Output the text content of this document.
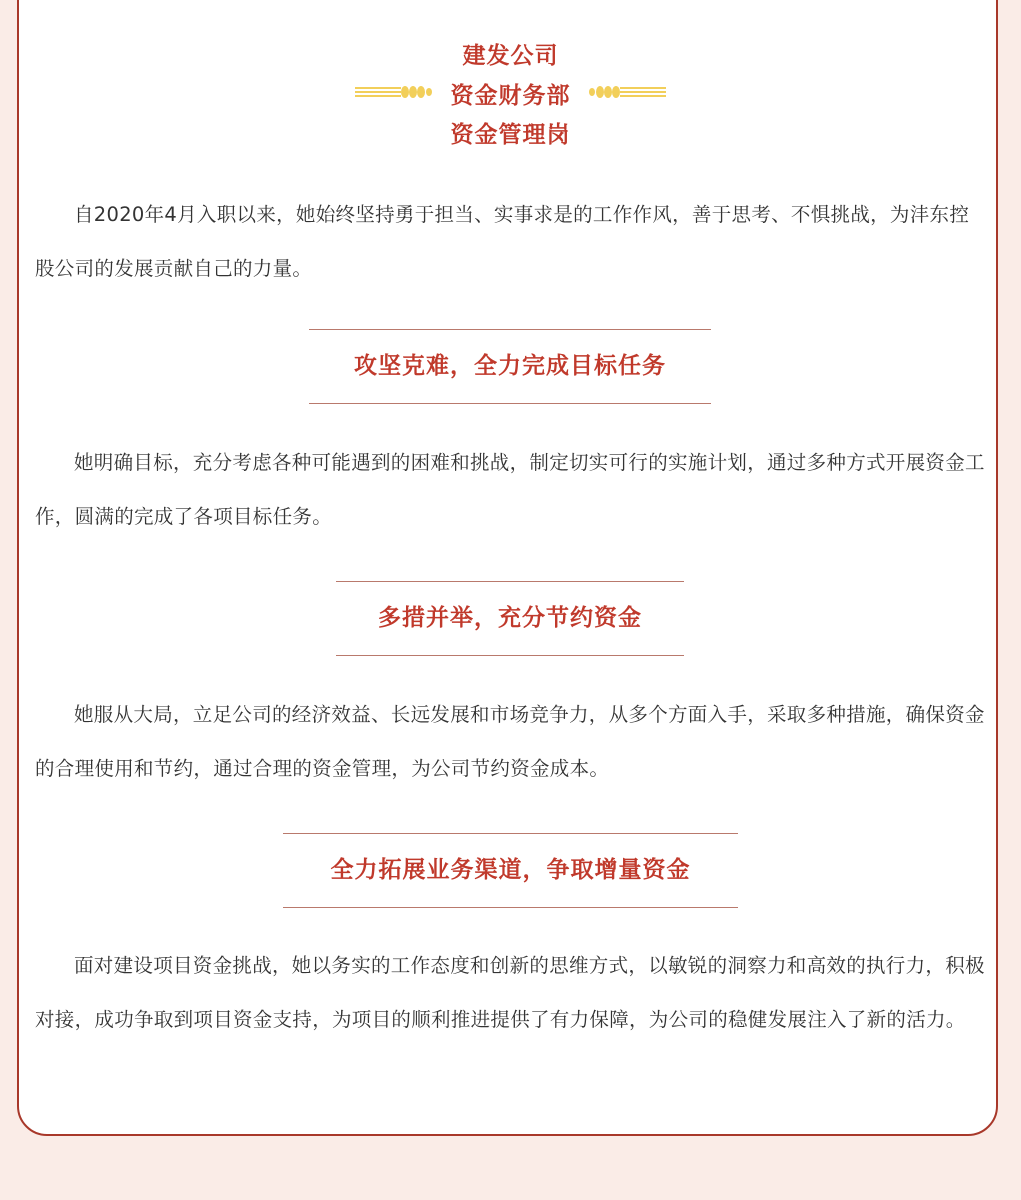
建发公司
资金财务部
资金管理岗

自2020年4月入职以来，她始终坚持勇于担当、实事求是的工作作风，善于思考、不惧挑战，为沣东控股公司的发展贡献自己的力量。

攻坚克难，全力完成目标任务

她明确目标，充分考虑各种可能遇到的困难和挑战，制定切实可行的实施计划，通过多种方式开展资金工作，圆满的完成了各项目标任务。

多措并举，充分节约资金

她服从大局，立足公司的经济效益、长远发展和市场竞争力，从多个方面入手，采取多种措施，确保资金的合理使用和节约，通过合理的资金管理，为公司节约资金成本。

全力拓展业务渠道，争取增量资金

面对建设项目资金挑战，她以务实的工作态度和创新的思维方式，以敏锐的洞察力和高效的执行力，积极对接，成功争取到项目资金支持，为项目的顺利推进提供了有力保障，为公司的稳健发展注入了新的活力。
